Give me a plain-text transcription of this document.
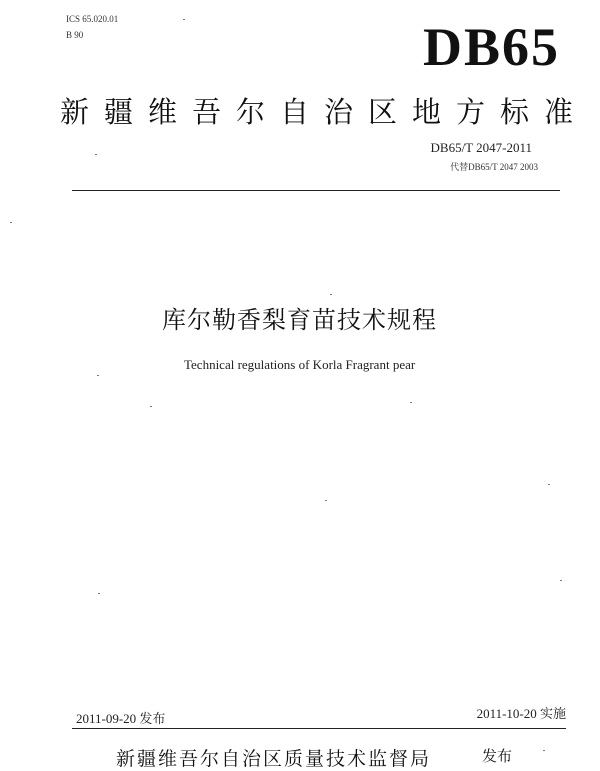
ICS 65.020.01
B 90	DB65
新疆维吾尔自治区地方标准
DB65/T 2047-2011
代替DB65/T 2047 2003
库尔勒香梨育苗技术规程
Technical regulations of Korla Fragrant pear
2011-09-20 发布	2011-10-20 实施
新疆维吾尔自治区质量技术监督局	发布
